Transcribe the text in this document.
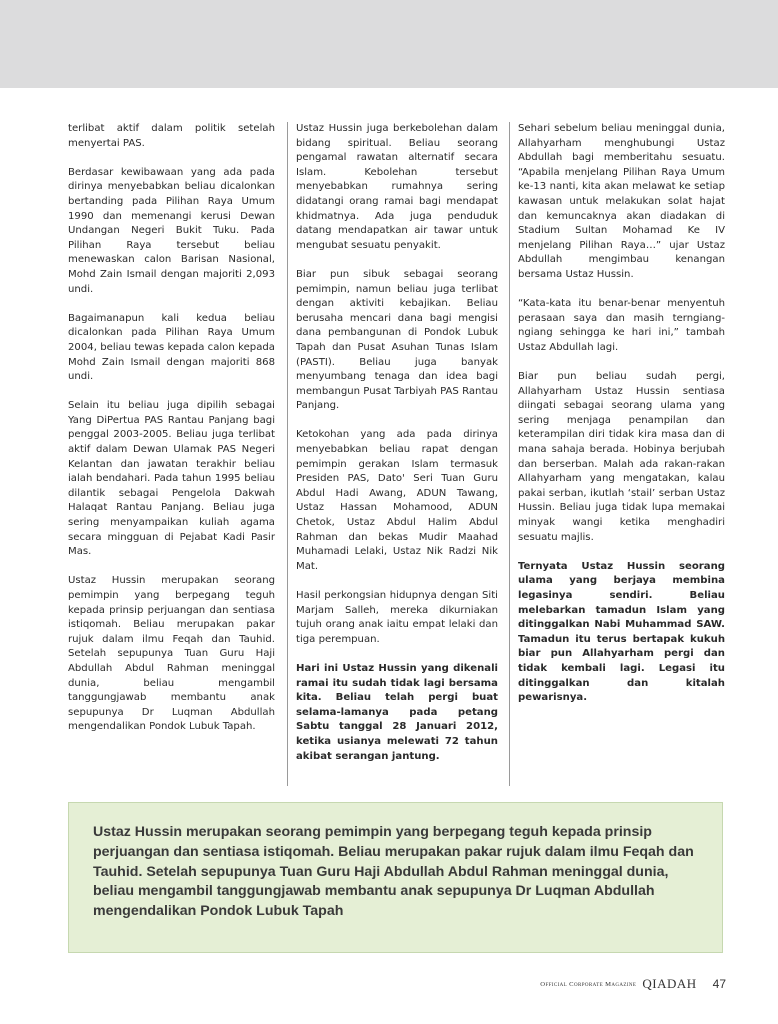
terlibat aktif dalam politik setelah menyertai PAS.

Berdasar kewibawaan yang ada pada dirinya menyebabkan beliau dicalonkan bertanding pada Pilihan Raya Umum 1990 dan memenangi kerusi Dewan Undangan Negeri Bukit Tuku. Pada Pilihan Raya tersebut beliau menewaskan calon Barisan Nasional, Mohd Zain Ismail dengan majoriti 2,093 undi.

Bagaimanapun kali kedua beliau dicalonkan pada Pilihan Raya Umum 2004, beliau tewas kepada calon kepada Mohd Zain Ismail dengan majoriti 868 undi.

Selain itu beliau juga dipilih sebagai Yang DiPertua PAS Rantau Panjang bagi penggal 2003-2005. Beliau juga terlibat aktif dalam Dewan Ulamak PAS Negeri Kelantan dan jawatan terakhir beliau ialah bendahari. Pada tahun 1995 beliau dilantik sebagai Pengelola Dakwah Halaqat Rantau Panjang. Beliau juga sering menyampaikan kuliah agama secara mingguan di Pejabat Kadi Pasir Mas.

Ustaz Hussin merupakan seorang pemimpin yang berpegang teguh kepada prinsip perjuangan dan sentiasa istiqomah. Beliau merupakan pakar rujuk dalam ilmu Feqah dan Tauhid. Setelah sepupunya Tuan Guru Haji Abdullah Abdul Rahman meninggal dunia, beliau mengambil tanggungjawab membantu anak sepupunya Dr Luqman Abdullah mengendalikan Pondok Lubuk Tapah.

Ustaz Hussin juga berkebolehan dalam bidang spiritual. Beliau seorang pengamal rawatan alternatif secara Islam. Kebolehan tersebut menyebabkan rumahnya sering didatangi orang ramai bagi mendapat khidmatnya. Ada juga penduduk datang mendapatkan air tawar untuk mengubat sesuatu penyakit.

Biar pun sibuk sebagai seorang pemimpin, namun beliau juga terlibat dengan aktiviti kebajikan. Beliau berusaha mencari dana bagi mengisi dana pembangunan di Pondok Lubuk Tapah dan Pusat Asuhan Tunas Islam (PASTI). Beliau juga banyak menyumbang tenaga dan idea bagi membangun Pusat Tarbiyah PAS Rantau Panjang.

Ketokohan yang ada pada dirinya menyebabkan beliau rapat dengan pemimpin gerakan Islam termasuk Presiden PAS, Dato' Seri Tuan Guru Abdul Hadi Awang, ADUN Tawang, Ustaz Hassan Mohamood, ADUN Chetok, Ustaz Abdul Halim Abdul Rahman dan bekas Mudir Maahad Muhamadi Lelaki, Ustaz Nik Radzi Nik Mat.

Hasil perkongsian hidupnya dengan Siti Marjam Salleh, mereka dikurniakan tujuh orang anak iaitu empat lelaki dan tiga perempuan.

Hari ini Ustaz Hussin yang dikenali ramai itu sudah tidak lagi bersama kita. Beliau telah pergi buat selama-lamanya pada petang Sabtu tanggal 28 Januari 2012, ketika usianya melewati 72 tahun akibat serangan jantung.

Sehari sebelum beliau meninggal dunia, Allahyarham menghubungi Ustaz Abdullah bagi memberitahu sesuatu. “Apabila menjelang Pilihan Raya Umum ke-13 nanti, kita akan melawat ke setiap kawasan untuk melakukan solat hajat dan kemuncaknya akan diadakan di Stadium Sultan Mohamad Ke IV menjelang Pilihan Raya…” ujar Ustaz Abdullah mengimbau kenangan bersama Ustaz Hussin.

“Kata-kata itu benar-benar menyentuh perasaan saya dan masih terngiang-ngiang sehingga ke hari ini,” tambah Ustaz Abdullah lagi.

Biar pun beliau sudah pergi, Allahyarham Ustaz Hussin sentiasa diingati sebagai seorang ulama yang sering menjaga penampilan dan keterampilan diri tidak kira masa dan di mana sahaja berada. Hobinya berjubah dan berserban. Malah ada rakan-rakan Allahyarham yang mengatakan, kalau pakai serban, ikutlah ‘stail’ serban Ustaz Hussin. Beliau juga tidak lupa memakai minyak wangi ketika menghadiri sesuatu majlis.

Ternyata Ustaz Hussin seorang ulama yang berjaya membina legasinya sendiri. Beliau melebarkan tamadun Islam yang ditinggalkan Nabi Muhammad SAW. Tamadun itu terus bertapak kukuh biar pun Allahyarham pergi dan tidak kembali lagi. Legasi itu ditinggalkan dan kitalah pewarisnya.

Ustaz Hussin merupakan seorang pemimpin yang berpegang teguh kepada prinsip perjuangan dan sentiasa istiqomah. Beliau merupakan pakar rujuk dalam ilmu Feqah dan Tauhid. Setelah sepupunya Tuan Guru Haji Abdullah Abdul Rahman meninggal dunia, beliau mengambil tanggungjawab membantu anak sepupunya Dr Luqman Abdullah mengendalikan Pondok Lubuk Tapah

Official Corporate Magazine QIADAH 47
